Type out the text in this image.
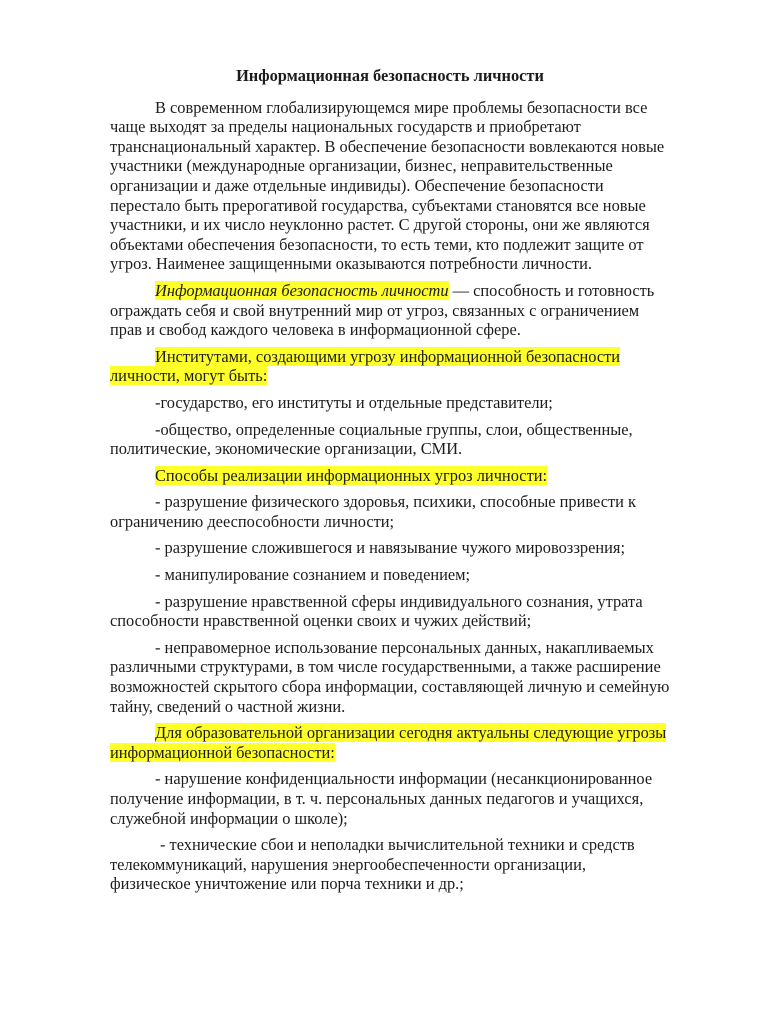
Информационная безопасность личности

В современном глобализирующемся мире проблемы безопасности все чаще выходят за пределы национальных государств и приобретают транснациональный характер. В обеспечение безопасности вовлекаются новые участники (международные организации, бизнес, неправительственные организации и даже отдельные индивиды). Обеспечение безопасности перестало быть прерогативой государства, субъектами становятся все новые участники, и их число неуклонно растет. С другой стороны, они же являются объектами обеспечения безопасности, то есть теми, кто подлежит защите от угроз. Наименее защищенными оказываются потребности личности.

Информационная безопасность личности — способность и готовность ограждать себя и свой внутренний мир от угроз, связанных с ограничением прав и свобод каждого человека в информационной сфере.

Институтами, создающими угрозу информационной безопасности личности, могут быть:

-государство, его институты и отдельные представители;

-общество, определенные социальные группы, слои, общественные, политические, экономические организации, СМИ.

Способы реализации информационных угроз личности:

- разрушение физического здоровья, психики, способные привести к ограничению дееспособности личности;

- разрушение сложившегося и навязывание чужого мировоззрения;

- манипулирование сознанием и поведением;

- разрушение нравственной сферы индивидуального сознания, утрата способности нравственной оценки своих и чужих действий;

- неправомерное использование персональных данных, накапливаемых различными структурами, в том числе государственными, а также расширение возможностей скрытого сбора информации, составляющей личную и семейную тайну, сведений о частной жизни.

Для образовательной организации сегодня актуальны следующие угрозы информационной безопасности:

- нарушение конфиденциальности информации (несанкционированное получение информации, в т. ч. персональных данных педагогов и учащихся, служебной информации о школе);

- технические сбои и неполадки вычислительной техники и средств телекоммуникаций, нарушения энергообеспеченности организации, физическое уничтожение или порча техники и др.;
